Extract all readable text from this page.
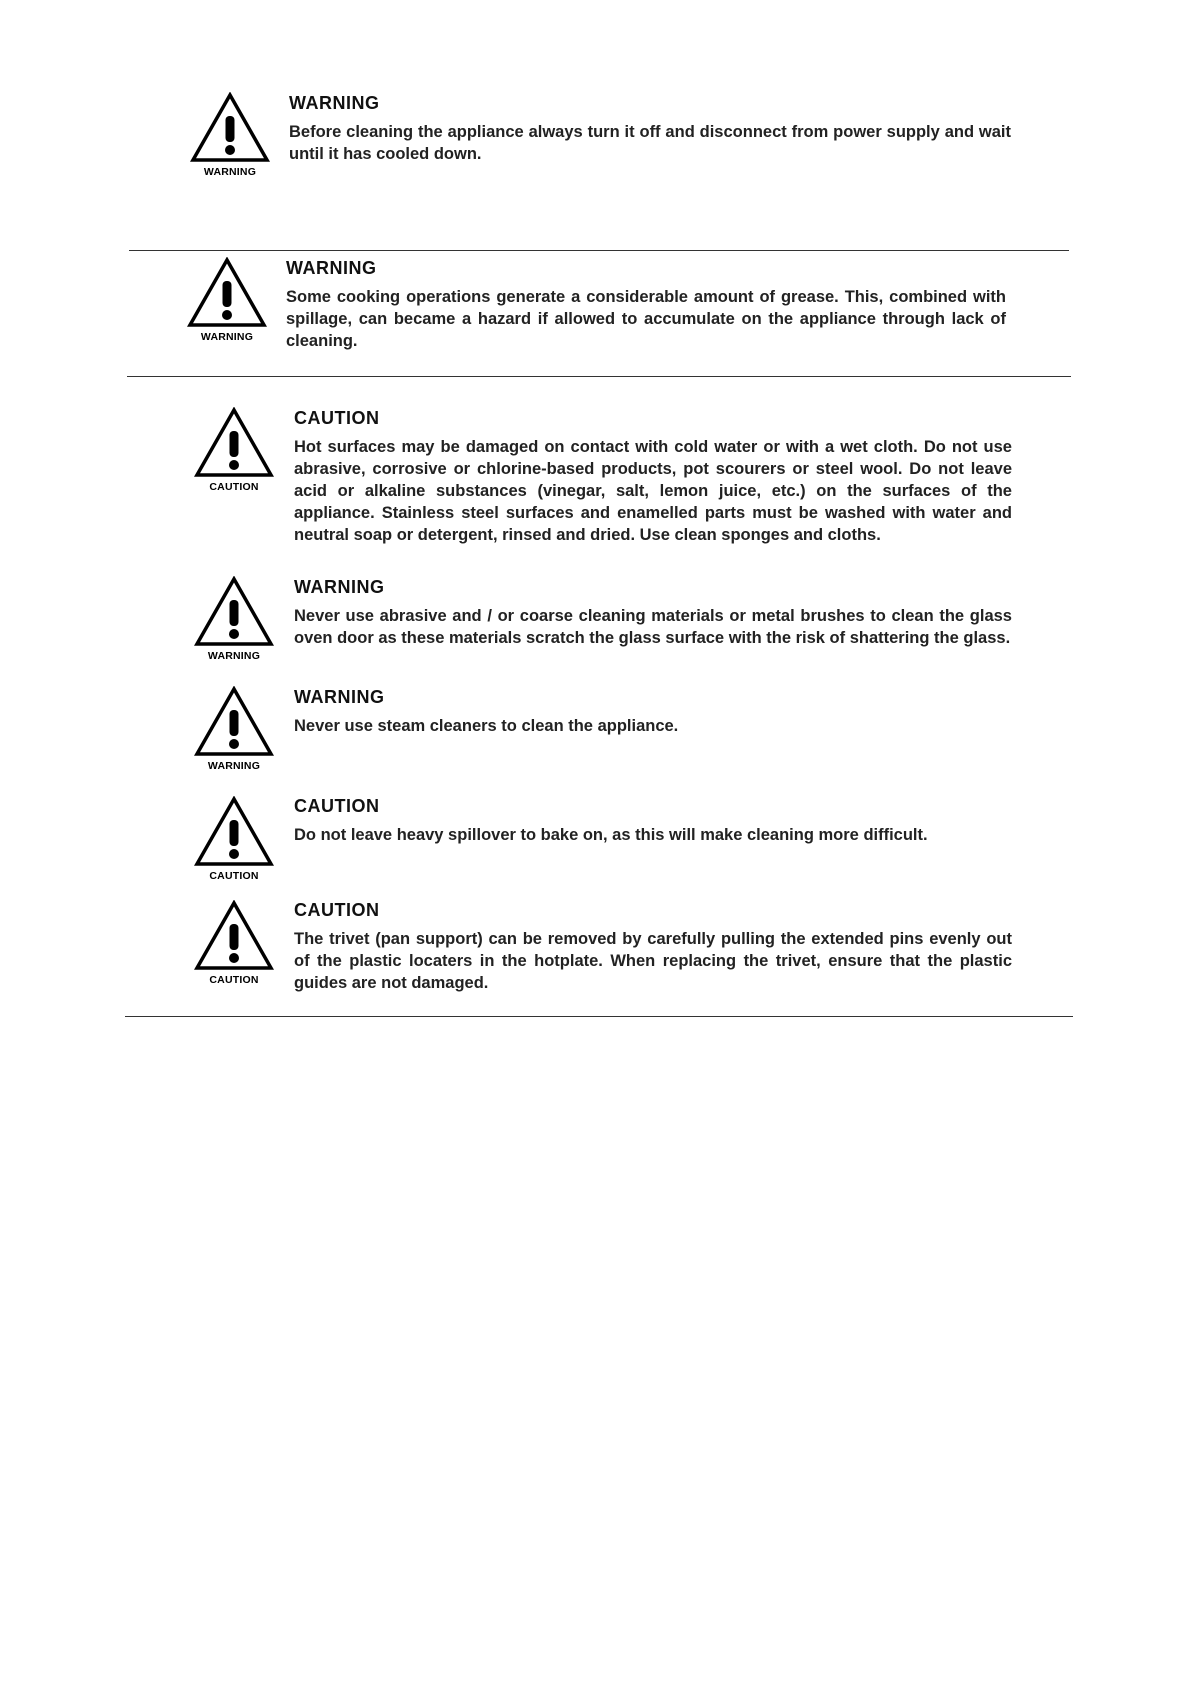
WARNING
WARNING
Before cleaning the appliance always turn it off and disconnect from power supply and wait until it has cooled down.
WARNING
WARNING
Some cooking operations generate a considerable amount of grease. This, combined with spillage, can became a hazard if allowed to accumulate on the appliance through lack of cleaning.
CAUTION
CAUTION
Hot surfaces may be damaged on contact with cold water or with a wet cloth. Do not use abrasive, corrosive or chlorine-based products, pot scourers or steel wool. Do not leave acid or alkaline substances (vinegar, salt, lemon juice, etc.) on the surfaces of the appliance. Stainless steel surfaces and enamelled parts must be washed with water and neutral soap or detergent, rinsed and dried. Use clean sponges and cloths.
WARNING
WARNING
Never use abrasive and / or coarse cleaning materials or metal brushes to clean the glass oven door as these materials scratch the glass surface with the risk of shattering the glass.
WARNING
WARNING
Never use steam cleaners to clean the appliance.
CAUTION
CAUTION
Do not leave heavy spillover to bake on, as this will make cleaning more difficult.
CAUTION
CAUTION
The trivet (pan support) can be removed by carefully pulling the extended pins evenly out of the plastic locaters in the hotplate. When replacing the trivet, ensure that the plastic guides are not damaged.
